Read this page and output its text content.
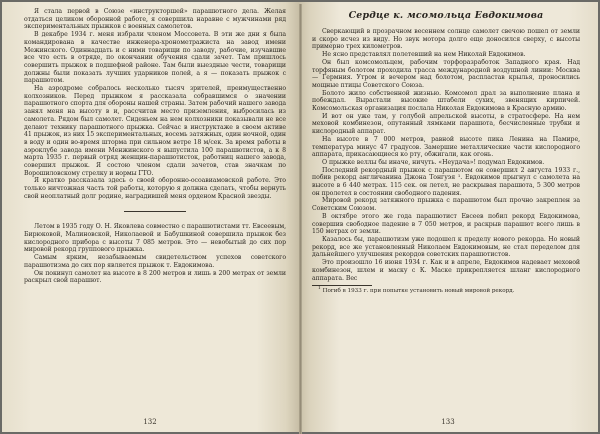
Я стала первой в Союзе «инструкторшей» парашютного дела. Желая отдаться целиком оборонной работе, я совершила наравне с мужчинами ряд экспериментальных прыжков с военных самолетов.

В декабре 1934 г. меня избрали членом Моссовета. В эти же дни я была командирована в качестве инженера-хронометражиста на завод имени Межинского. Одиннадцать и с ними товарищи по заводу, рабочие, изучавшие все что есть в отряде, по окончании обучения сдали зачет. Там пришлось совершить прыжок в подшефной районе. Там были выездные чести, товарищи должны были показать лучших ударников полей, а я — показать прыжок с парашютом.

На аэродроме собралось несколько тысяч зрителей, преимущественно колхозников. Перед прыжком я рассказала собравшимся о значении парашютного спорта для обороны нашей страны. Затем рабочий нашего завода занял меня на высоту в и, рассчитав место приземления, выбросилась из самолета. Рядом был самолет. Сиденьем на нем колхозники показывали не все делают технику парашютного прыжка. Сейчас в инструктаже в своем активе 41 прыжок, из них 15 экспериментальных, восемь затяжных, один ночной, один в воду и один во-время шторма при сильном ветре 18 м/сек. За время работы в аэроклубе завода имени Менжинского я выпустила 100 парашютистов, а к 8 марта 1935 г. первый отряд женщин-парашютисток, работниц нашего завода, совершил прыжок. Я состою членом сдали зачетов, став значкам по Ворошиловскому стрелку и нормы ГТО.

Я кратко рассказала здесь о своей оборонно-осоавиамовской работе. Это только ничтожная часть той работы, которую я должна сделать, чтобы вернуть свой неоплатный долг родине, наградившей меня орденом Красной звезды.

Летом в 1935 году О. Н. Яковлева совместно с парашютистами тт. Евсеевым, Бирюковой, Малиновской, Николаевой и Бабушкиной совершила прыжок без кислородного прибора с высоты 7 085 метров. Это — невобытый до сих пор мировой рекорд группового прыжка.

Самым ярким, незабываемым свидетельством успехов советского парашютизма до сих пор является прыжок т. Евдокимова.

Он покинул самолет на высоте в 8 200 метров и лишь в 200 метрах от земли раскрыл свой парашют.

132
Сердце к. мсомольца Евдокимова

Сверкающий в прозрачном весеннем солнце самолет свечою пошел от земли и скоро исчез из виду. Но звук мотора долго еще доносился сверху, с высоты примерно трех километров.

Не ясно представлял полетевший на нем Николай Евдокимов.

Он был комсомольцем, рабочим торфоразработок Западного края. Над торфяным болотом проходила трасса международной воздушной линии: Москва — Гермния. Утром и вечером над болотом, распластав крылья, проносились мощные птицы Советского Союза.

Болото жило собственной жизнью. Комсомол драл за выполнение плана и побеждал. Вырастали высокие штабели сухих, звенящих кирпичей. Комсомольская организация послала Николая Евдокимова в Красную армию.

И вот он уже там, у голубой апрельской высоты, в стратосфере. На нем меховой комбинезон, опутанный лямками парашюта, бесчисленные трубки и кислородный аппарат.

На высоте в 7 000 метров, равной высоте пика Ленина на Памире, температура минус 47 градусов. Замершие металлические части кислородного аппарата, прикасающиеся ко рту, обжигали, как огонь.

О прыжке веллы бы иначе, ничуть. «Неудача»! подумал Евдокимов.

Последний рекордный прыжок с парашютом он совершил 2 августа 1933 г., побив рекорд англичанина Джона Тонгуэя ¹. Евдокимов прыгнул с самолета на высоте в 6 440 метрах. 115 сек. он летел, не раскрывая парашюта, 5 300 метров он пролетел в состоянии свободного падения.

Мировой рекорд затяжного прыжка с парашютом был прочно закреплен за Советским Союзом.

В октябре этого же года парашютист Евсеев побил рекорд Евдокимова, совершив свободное падение в 7 050 метров, и раскрыв парашют всего лишь в 150 метрах от земли.

Казалось бы, парашютизм уже подошел к пределу нового рекорда. Но новый рекорд, все же установленный Николаем Евдокимовым, не стал переделом для дальнейшего улучшения рекордов советских парашютистов.

Это произошло 16 июня 1934 г. Как и в апреле, Евдокимов надевает меховой комбинезон, шлем и маску с К. Маске прикрепляется шланг кислородного аппарата. Вес

$^1$ Погиб в 1933 г. при попытке установить новый мировой рекорд.

133
